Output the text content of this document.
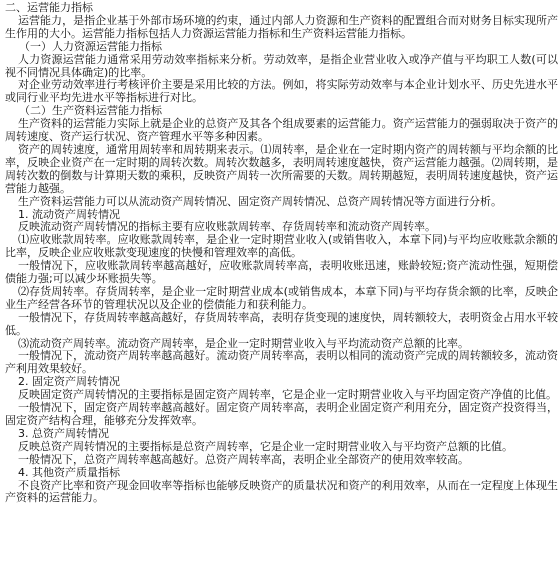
二、运营能力指标

运营能力，是指企业基于外部市场环境的约束，通过内部人力资源和生产资料的配置组合而对财务目标实现所产生作用的大小。运营能力指标包括人力资源运营能力指标和生产资料运营能力指标。

（一）人力资源运营能力指标

人力资源运营能力通常采用劳动效率指标来分析。劳动效率，是指企业营业收入或净产值与平均职工人数(可以视不同情况具体确定)的比率。

对企业劳动效率进行考核评价主要是采用比较的方法。例如，将实际劳动效率与本企业计划水平、历史先进水平或同行业平均先进水平等指标进行对比。

（二）生产资料运营能力指标

生产资料的运营能力实际上就是企业的总资产及其各个组成要素的运营能力。资产运营能力的强弱取决于资产的周转速度、资产运行状况、资产管理水平等多种因素。

资产的周转速度，通常用周转率和周转期来表示。⑴周转率，是企业在一定时期内资产的周转额与平均余额的比率，反映企业资产在一定时期的周转次数。周转次数越多，表明周转速度越快，资产运营能力越强。⑵周转期，是周转次数的倒数与计算期天数的乘积，反映资产周转一次所需要的天数。周转期越短，表明周转速度越快，资产运营能力越强。

生产资料运营能力可以从流动资产周转情况、固定资产周转情况、总资产周转情况等方面进行分析。

1. 流动资产周转情况

反映流动资产周转情况的指标主要有应收账款周转率、存货周转率和流动资产周转率。

⑴应收账款周转率。应收账款周转率，是企业一定时期营业收入(或销售收入，本章下同)与平均应收账款余额的比率，反映企业应收账款变现速度的快慢和管理效率的高低。

一般情况下，应收账款周转率越高越好，应收账款周转率高，表明收账迅速，账龄较短;资产流动性强，短期偿债能力强;可以减少坏账损失等。

⑵存货周转率。存货周转率，是企业一定时期营业成本(或销售成本，本章下同)与平均存货余额的比率，反映企业生产经营各环节的管理状况以及企业的偿债能力和获利能力。

一般情况下，存货周转率越高越好，存货周转率高，表明存货变现的速度快，周转额较大，表明资金占用水平较低。

⑶流动资产周转率。流动资产周转率，是企业一定时期营业收入与平均流动资产总额的比率。

一般情况下，流动资产周转率越高越好。流动资产周转率高，表明以相同的流动资产完成的周转额较多，流动资产利用效果较好。

2. 固定资产周转情况

反映固定资产周转情况的主要指标是固定资产周转率，它是企业一定时期营业收入与平均固定资产净值的比值。

一般情况下，固定资产周转率越高越好。固定资产周转率高，表明企业固定资产利用充分，固定资产投资得当，固定资产结构合理，能够充分发挥效率。

3. 总资产周转情况

反映总资产周转情况的主要指标是总资产周转率，它是企业一定时期营业收入与平均资产总额的比值。

一般情况下，总资产周转率越高越好。总资产周转率高，表明企业全部资产的使用效率较高。

4. 其他资产质量指标

不良资产比率和资产现金回收率等指标也能够反映资产的质量状况和资产的利用效率，从而在一定程度上体现生产资料的运营能力。
